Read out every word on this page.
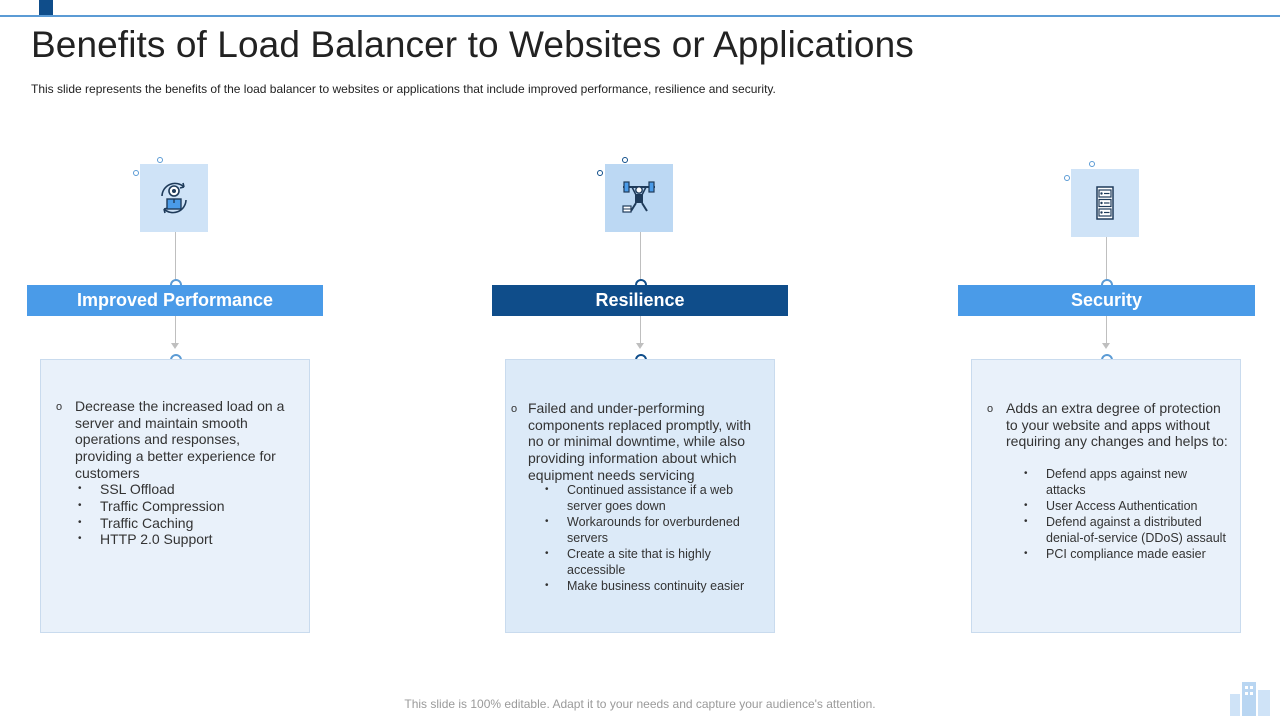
Benefits of Load Balancer to Websites or Applications
This slide represents the benefits of the load balancer to websites or applications that include improved performance, resilience and security.
Improved Performance
o Decrease the increased load on a server and maintain smooth operations and responses, providing a better experience for customers
• SSL Offload
• Traffic Compression
• Traffic Caching
• HTTP 2.0 Support
Resilience
o Failed and under-performing components replaced promptly, with no or minimal downtime, while also providing information about which equipment needs servicing
• Continued assistance if a web server goes down
• Workarounds for overburdened servers
• Create a site that is highly accessible
• Make business continuity easier
Security
o Adds an extra degree of protection to your website and apps without requiring any changes and helps to:
• Defend apps against new attacks
• User Access Authentication
• Defend against a distributed denial-of-service (DDoS) assault
• PCI compliance made easier
This slide is 100% editable. Adapt it to your needs and capture your audience's attention.
